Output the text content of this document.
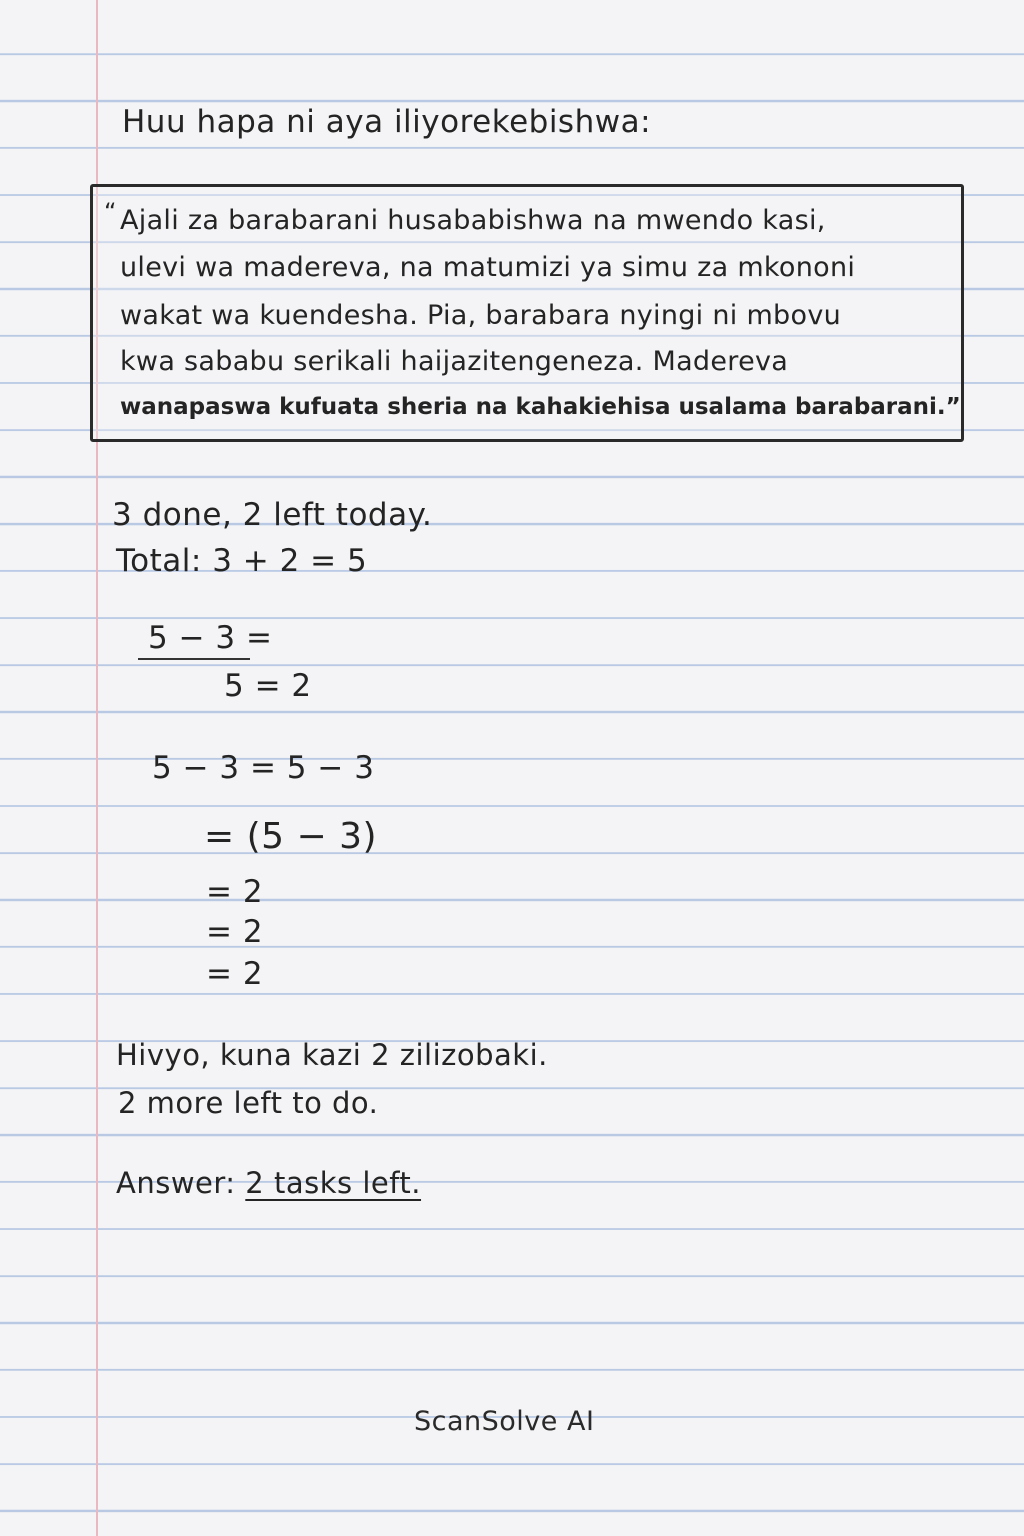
Huu hapa ni aya iliyorekebishwa:
“ Ajali za barabarani husababishwa na mwendo kasi,
ulevi wa madereva, na matumizi ya simu za mkononi
wakat wa kuendesha. Pia, barabara nyingi ni mbovu
kwa sababu serikali haijazitengeneza. Madereva
wanapaswa kufuata sheria na kahakiehisa usalama barabarani.”
3 done, 2 left today.
Total: 3 + 2 = 5
5 − 3 =
5 = 2
5 − 3 = 5 − 3
= (5 − 3)
= 2
= 2
= 2
Hivyo, kuna kazi 2 zilizobaki.
2 more left to do.
Answer: 2 tasks left.
ScanSolve AI
